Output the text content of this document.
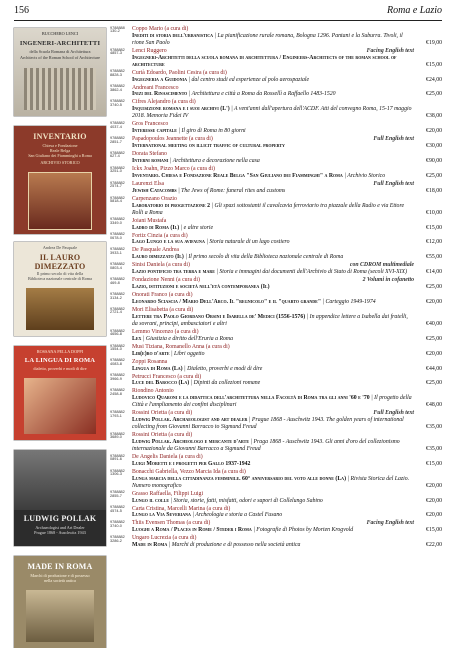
156	Roma e Lazio
BUCCHERO LENCI
INGENERI-ARCHITETTI
della Scuola Romana di Architettura
Architects of the Roman School of Architecture
INVENTARIO
Chiesa e Fondazione
Reale Belga
San Giuliano dei Fiamminghi a Roma
ARCHIVIO STORICO
Andrea De Pasquale
IL LAURO DIMEZZATO
Il primo secolo di vita della
Biblioteca nazionale centrale di Roma
ROSSANA PELLA DOPPI
LA LINGUA DI ROMA
dialetto, proverbi e modi di dire
LUDWIG POLLAK
Archaeologist and Art Dealer
Prague 1868 - Auschwitz 1943
MADE IN ROMA
Marchi di produzione e di possesso
nella società antica
9788888 130-2	Coppo Mario (a cura di)
Inediti di storia dell'urbanistica | La pianificazione rurale romana, Bologna 1296. Pantani e la Suburra. Tivoli, il rione San Paolo	€19,00
9788882 4857-3	Lenci Ruggero
Ingegneri-Architetti della scuola romana di architettura / Engineers-Architects of the roman school of architecture
Facing English text
€15,00
9788882 8828-3	Curià Edoardo, Paolini Cesira (a cura di)
Ingegneria a Guidonia | dal centro studi ed esperienze al polo aerospaziale	€24,00
9788882 3862-4	Andreani Francesco
Inizi del Rinascimento | Architettura e città a Roma da Rossellì a Raffaello 1483-1520	€25,00
9788882 3740-5	Cifres Alejandro (a cura di)
Inquisizione romana e i suoi archivi (L') | A vent'anni dall'apertura dell'ACDF. Atti del convegno Roma, 15-17 maggio 2018. Memoria Fidei IV	€38,00
9788882 4037-4	Gros Francesco
Interesse capitale | Il giro di Roma in 80 giorni	€20,00
9788882 2851-7	Papadopoulos Jeannette (a cura di)
International meeting on illicit traffic of cultural property
Full English text
€30,00
9788882 627-4	Dorata Stefano
Interni romani | Architettura e decorazione nella casa	€90,00
9788882 3251-0	Ickx Joahn, Pizzo Marco (a cura di)
Inventario. Chiesa e Fondazione Reale Belga "San Giuliano dei Fiamminghi" a Roma | Archivio Storico	€25,00
9788882 2574-7	Laurenzi Elsa
Jewish Catacombs | The Jews of Rome: funeral rites and customs
Full English text
€18,00
9788882 5818-4	Carpenzano Orazio
Laboratorio di progettazione 2 | Gli spazi sottostanti il cavalcavia ferroviario tra piazzale della Radio e via Ettore Rolli a Roma	€10,00
9788882 3349-0	Joiani Mustafa
Ladro di Roma (Il) | e altre storie	€15,00
9788882 0678-0	Fortiz Cinzia (a cura di)
Lago Lungo e la sua avifauna | Storia naturale di un lago costiero	€12,00
9788882 3933-1	De Pasquale Andrea
Lauro dimezzato (Il) | Il primo secolo di vita della Biblioteca nazionale centrale di Roma	€55,00
9788882 0803-4	Sinisi Daniela (a cura di)
Lazio pontificio tra terra e mare | Storia e immagini dai documenti dell'Archivio di Stato di Roma (secoli XVI-XIX)
con CDROM multimediale
€14,00
9788882 469-8	Fondazione Nenni (a cura di)
Lazio, istituzioni e società nell'età contemporanea (Il)
2 Volumi in cofanetto
€25,00
9788882 3134-2	Onorati Franco (a cura di)
Leonardo Sciascia / Mario Dell'Arco. Il "regnicolo" e il "quarto grande" | Carteggio 1949-1974	€20,00
9788882 2721-4	Mori Elisabetta (a cura di)
Lettere tra Paolo Giordano Orsini e Isabella de' Medici (1556-1576) | In appendice lettere a Isabella dai fratelli, da sovrani, principi, ambasciatori e altri	€40,00
9788882 4656-8	Lemmo Vincenzo (a cura di)
Lex | Giustizia e diritto dell'Eruria a Roma	€25,00
9788882 1554-0	Musi Tiziana, Romanello Anna (a cura di)
Lib(e)ro d'arte | Libri oggetto	€20,00
9788882 4083-8	Zoppi Rosanna
Lingua di Roma (La) | Dialetto, proverbi e modi di dire	€44,00
9788882 3966-9	Petrucci Francesco (a cura di)
Luce del Barocco (La) | Dipinti da collezioni romane	€25,00
9788882 2458-8	Riondino Antonio
Ludovico Quaroni e la didattica dell'architettura nella Facoltà di Roma tra gli anni '60 e '70 | Il progetto della Città e l'ampliamento dei confini disciplinari	€48,00
9788882 1793-1	Rossini Orietta (a cura di)
Ludwig Pollak. Archaeologist and art dealer | Prague 1868 - Auschwitz 1943. The golden years of international collecting from Giovanni Barracco to Sigmund Freud
Full English text
€35,00
9788882 3689-0	Rossini Orietta (a cura di)
Ludwig Pollak. Archeologo e mercante d'arte | Praga 1868 - Auschwitz 1943. Gli anni d'oro del collezionismo internazionale da Giovanni Barracco a Sigmund Freud	€35,00
9788882 0891-6	De Angelis Daniela (a cura di)
Luigi Moretti e i progetti per Gallo 1937-1942	€15,00
9788882 1306-3	Bonacchi Gabriella, Vezzo Marcia Ida (a cura di)
Lunga marcia della cittadinanza femminile. 60° anniversario del voto alle donne (La) | Rivista Storica del Lazio. Numero monografico	€20,00
9788882 2855-7	Grasso Raffaella, Filippi Luigi
Lungo il colle | Storia, storie, fatti, misfatti, odori e sapori di Collelungo Sabino	€20,00
9788882 4574-5	Carta Cristina, Marcelli Marina (a cura di)
Lungo la Via Severiana | Archeologia e storia a Castel Fusano	€20,00
9788882 3740-0	Thiis Evensen Thomas (a cura di)
Luoghi a Roma / Places in Rome / Steder i Roma | Fotografie di Photos by Morten Krogvold
Facing English text
€15,00
9788882 3286-2	Ungaro Lucrezia (a cura di)
Made in Roma | Marchi di produzione e di possesso nella società antica	€22,00
